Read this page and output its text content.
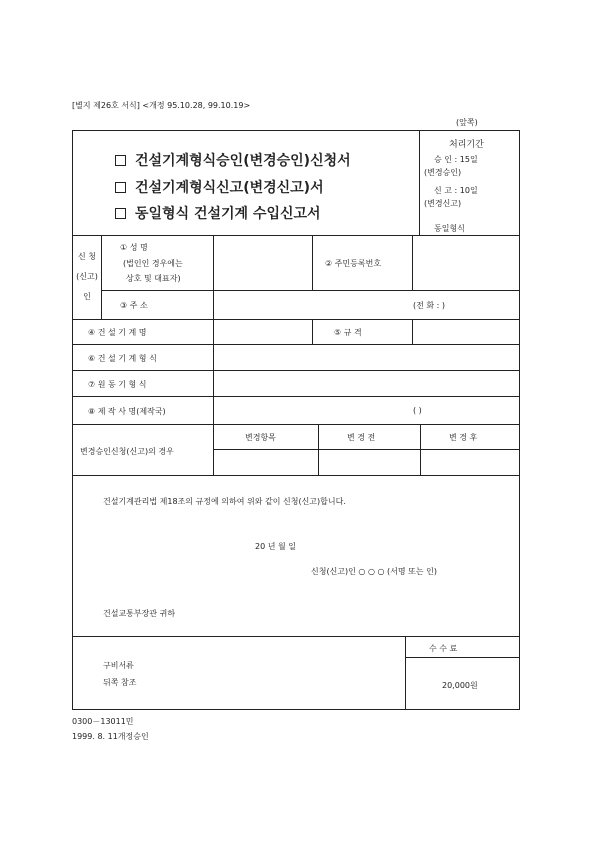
[별지 제26호 서식] <개정 95.10.28, 99.10.19>
(앞쪽)
건설기계형식승인(변경승인)신청서
건설기계형식신고(변경신고)서
동일형식 건설기계 수입신고서
처리기간
승 인 : 15일
(변경승인)
신 고 : 10일
(변경신고)
동일형식
신 청
(신고)
인
① 성 명
(법인인 경우에는
상호 및 대표자)
② 주민등록번호
③ 주 소	(전 화 : )
④ 건 설 기 계 명	⑤ 규 격
⑥ 건 설 기 계 형 식
⑦ 원 동 기 형 식
⑧ 제 작 사 명(제작국)	( )
변경승인신청(신고)의 경우
변경항목	변 경 전	변 경 후
건설기계관리법 제18조의 규정에 의하여 위와 같이 신청(신고)합니다.
20 년 월 일
신청(신고)인 ○ ○ ○ (서명 또는 인)
건설교통부장관 귀하
구비서류
뒤쪽 참조
수 수 료
20,000원
0300－13011민
1999. 8. 11개정승인
